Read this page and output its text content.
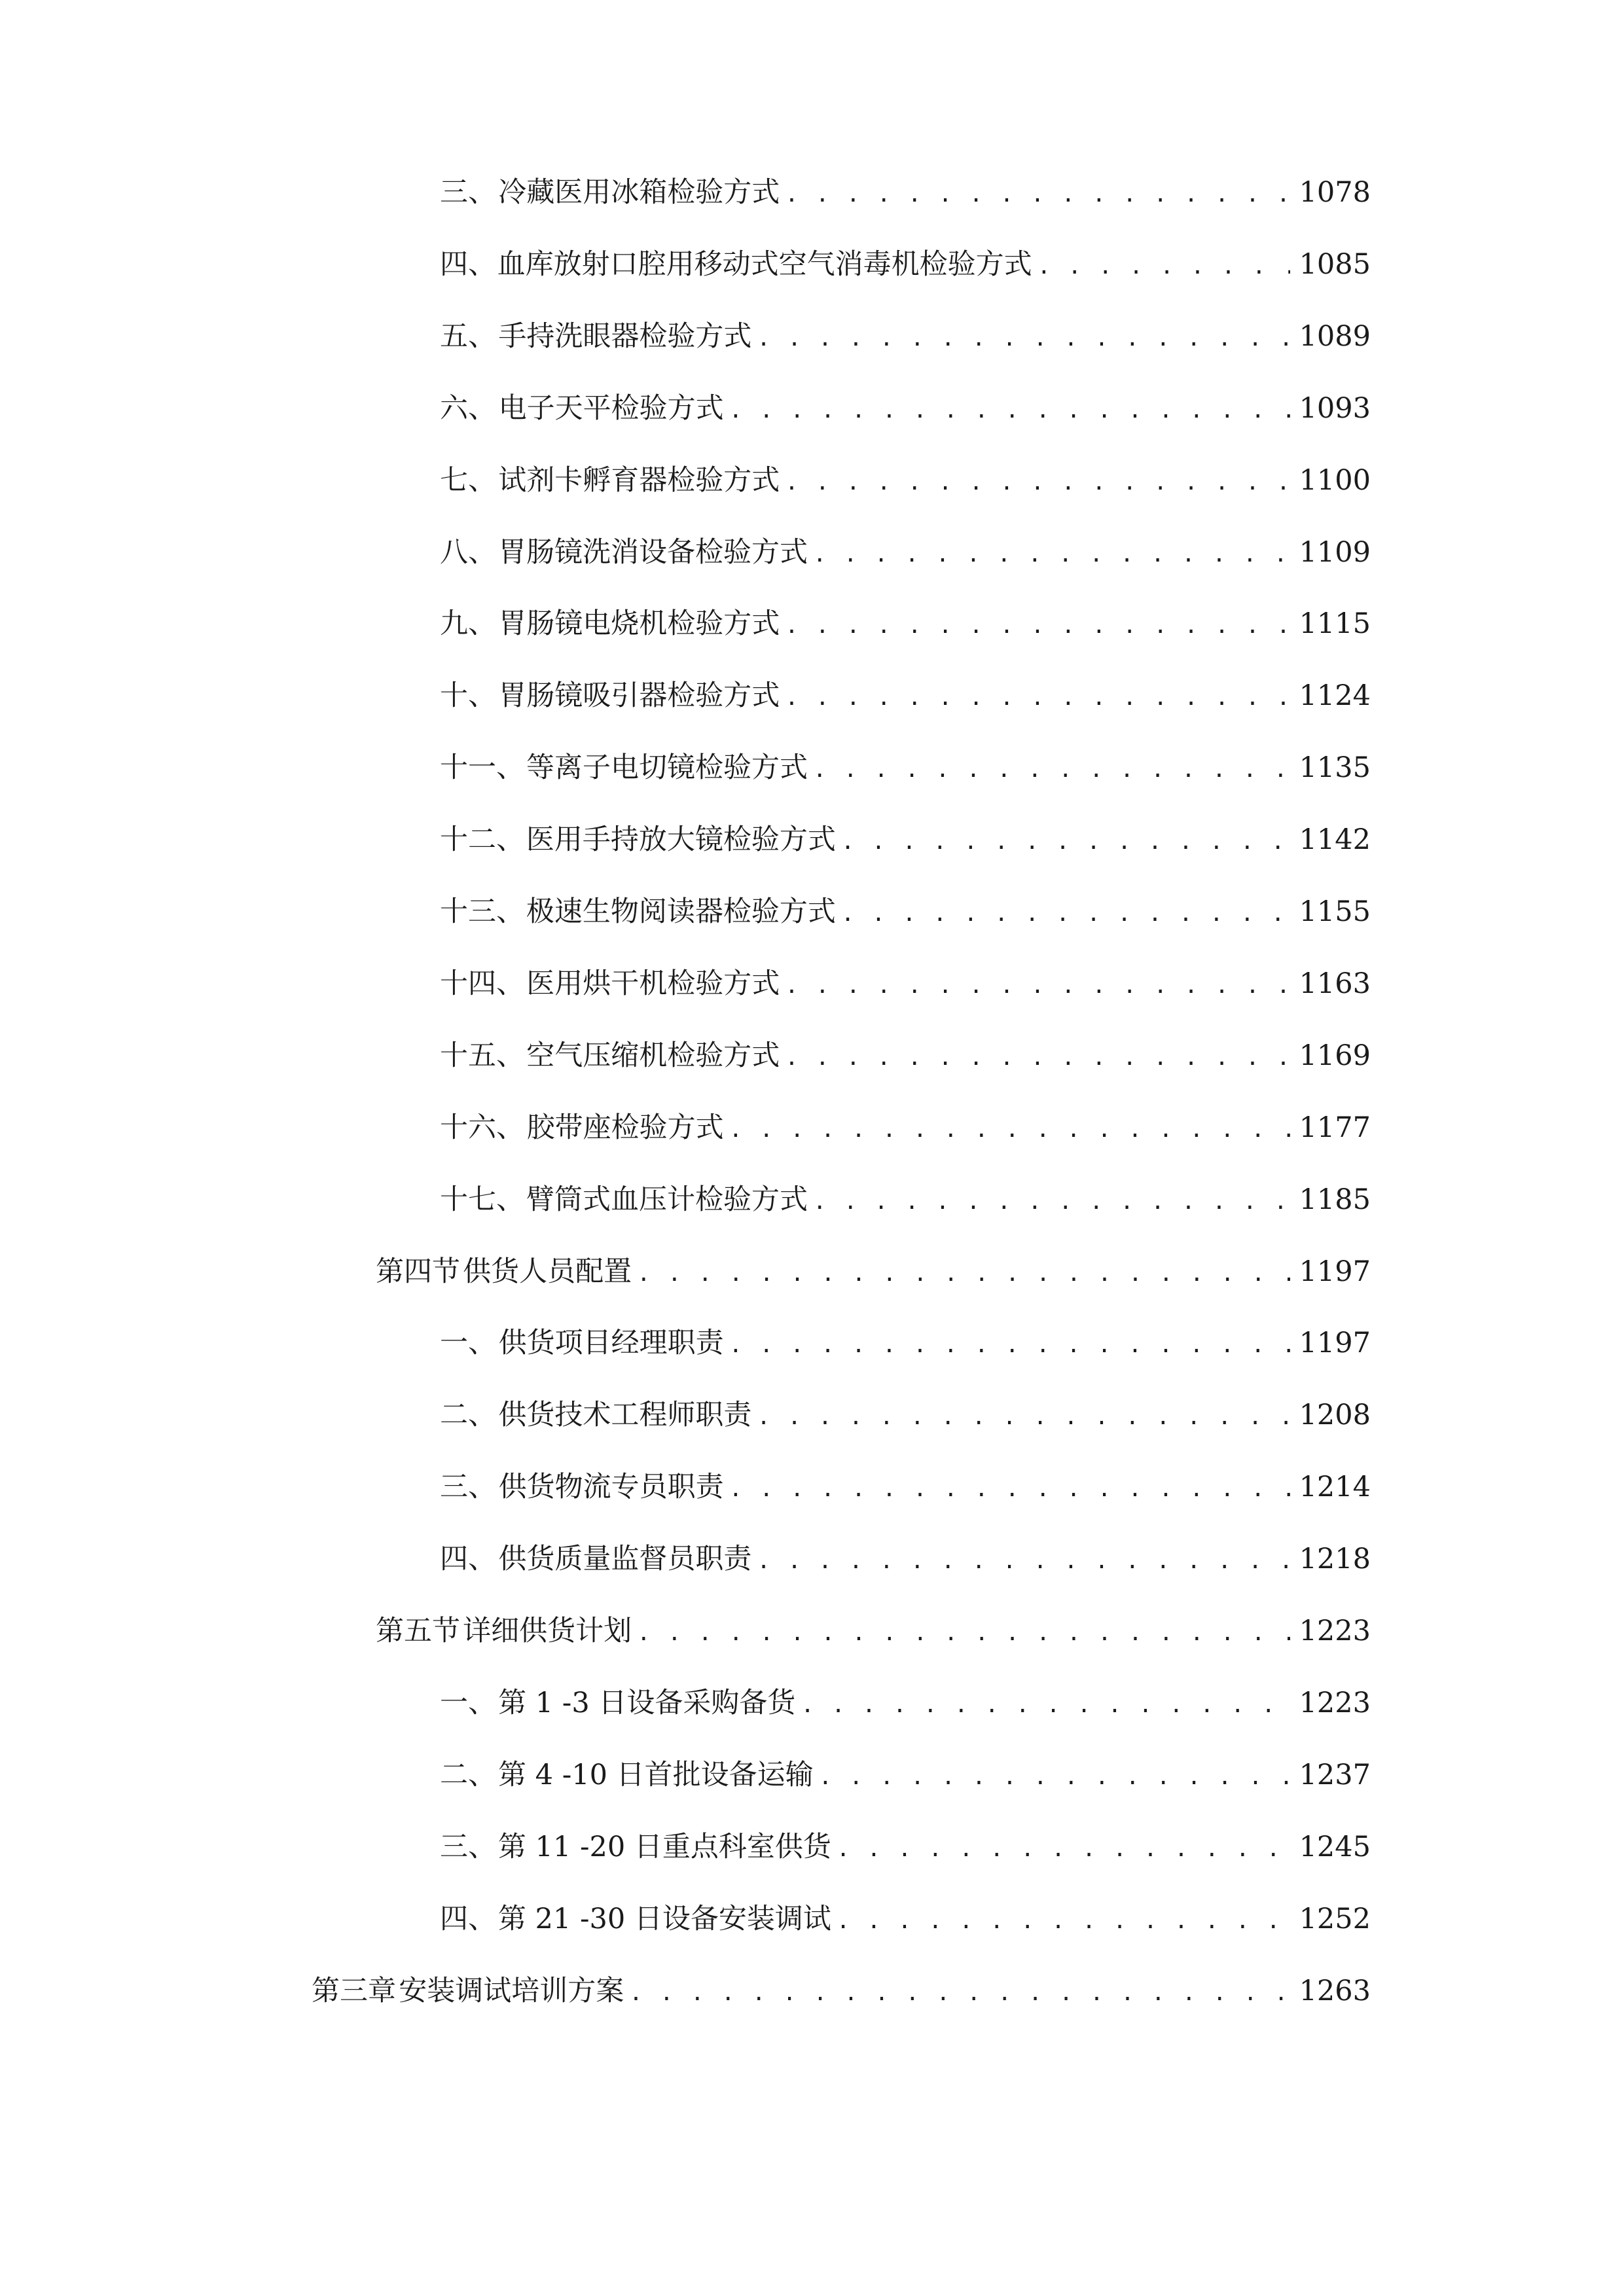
三、 冷藏医用冰箱检验方式 . . .	1078
四、 血库放射口腔用移动式空气消毒机检验方式 . . .	1085
五、 手持洗眼器检验方式 . . .	1089
六、 电子天平检验方式 . . .	1093
七、 试剂卡孵育器检验方式 . . .	1100
八、 胃肠镜洗消设备检验方式 . . .	1109
九、 胃肠镜电烧机检验方式 . . .	1115
十、 胃肠镜吸引器检验方式 . . .	1124
十一、 等离子电切镜检验方式 . . .	1135
十二、 医用手持放大镜检验方式 . . .	1142
十三、 极速生物阅读器检验方式 . . .	1155
十四、 医用烘干机检验方式 . . .	1163
十五、 空气压缩机检验方式 . . .	1169
十六、 胶带座检验方式 . . .	1177
十七、 臂筒式血压计检验方式 . . .	1185
第四节 供货人员配置 . . .	1197
一、 供货项目经理职责 . . .	1197
二、 供货技术工程师职责 . . .	1208
三、 供货物流专员职责 . . .	1214
四、 供货质量监督员职责 . . .	1218
第五节 详细供货计划 . . .	1223
一、 第 1 -3 日设备采购备货 . . .	1223
二、 第 4 -10 日首批设备运输 . . .	1237
三、 第 11 -20 日重点科室供货 . . .	1245
四、 第 21 -30 日设备安装调试 . . .	1252
第三章 安装调试培训方案 . . .	1263
